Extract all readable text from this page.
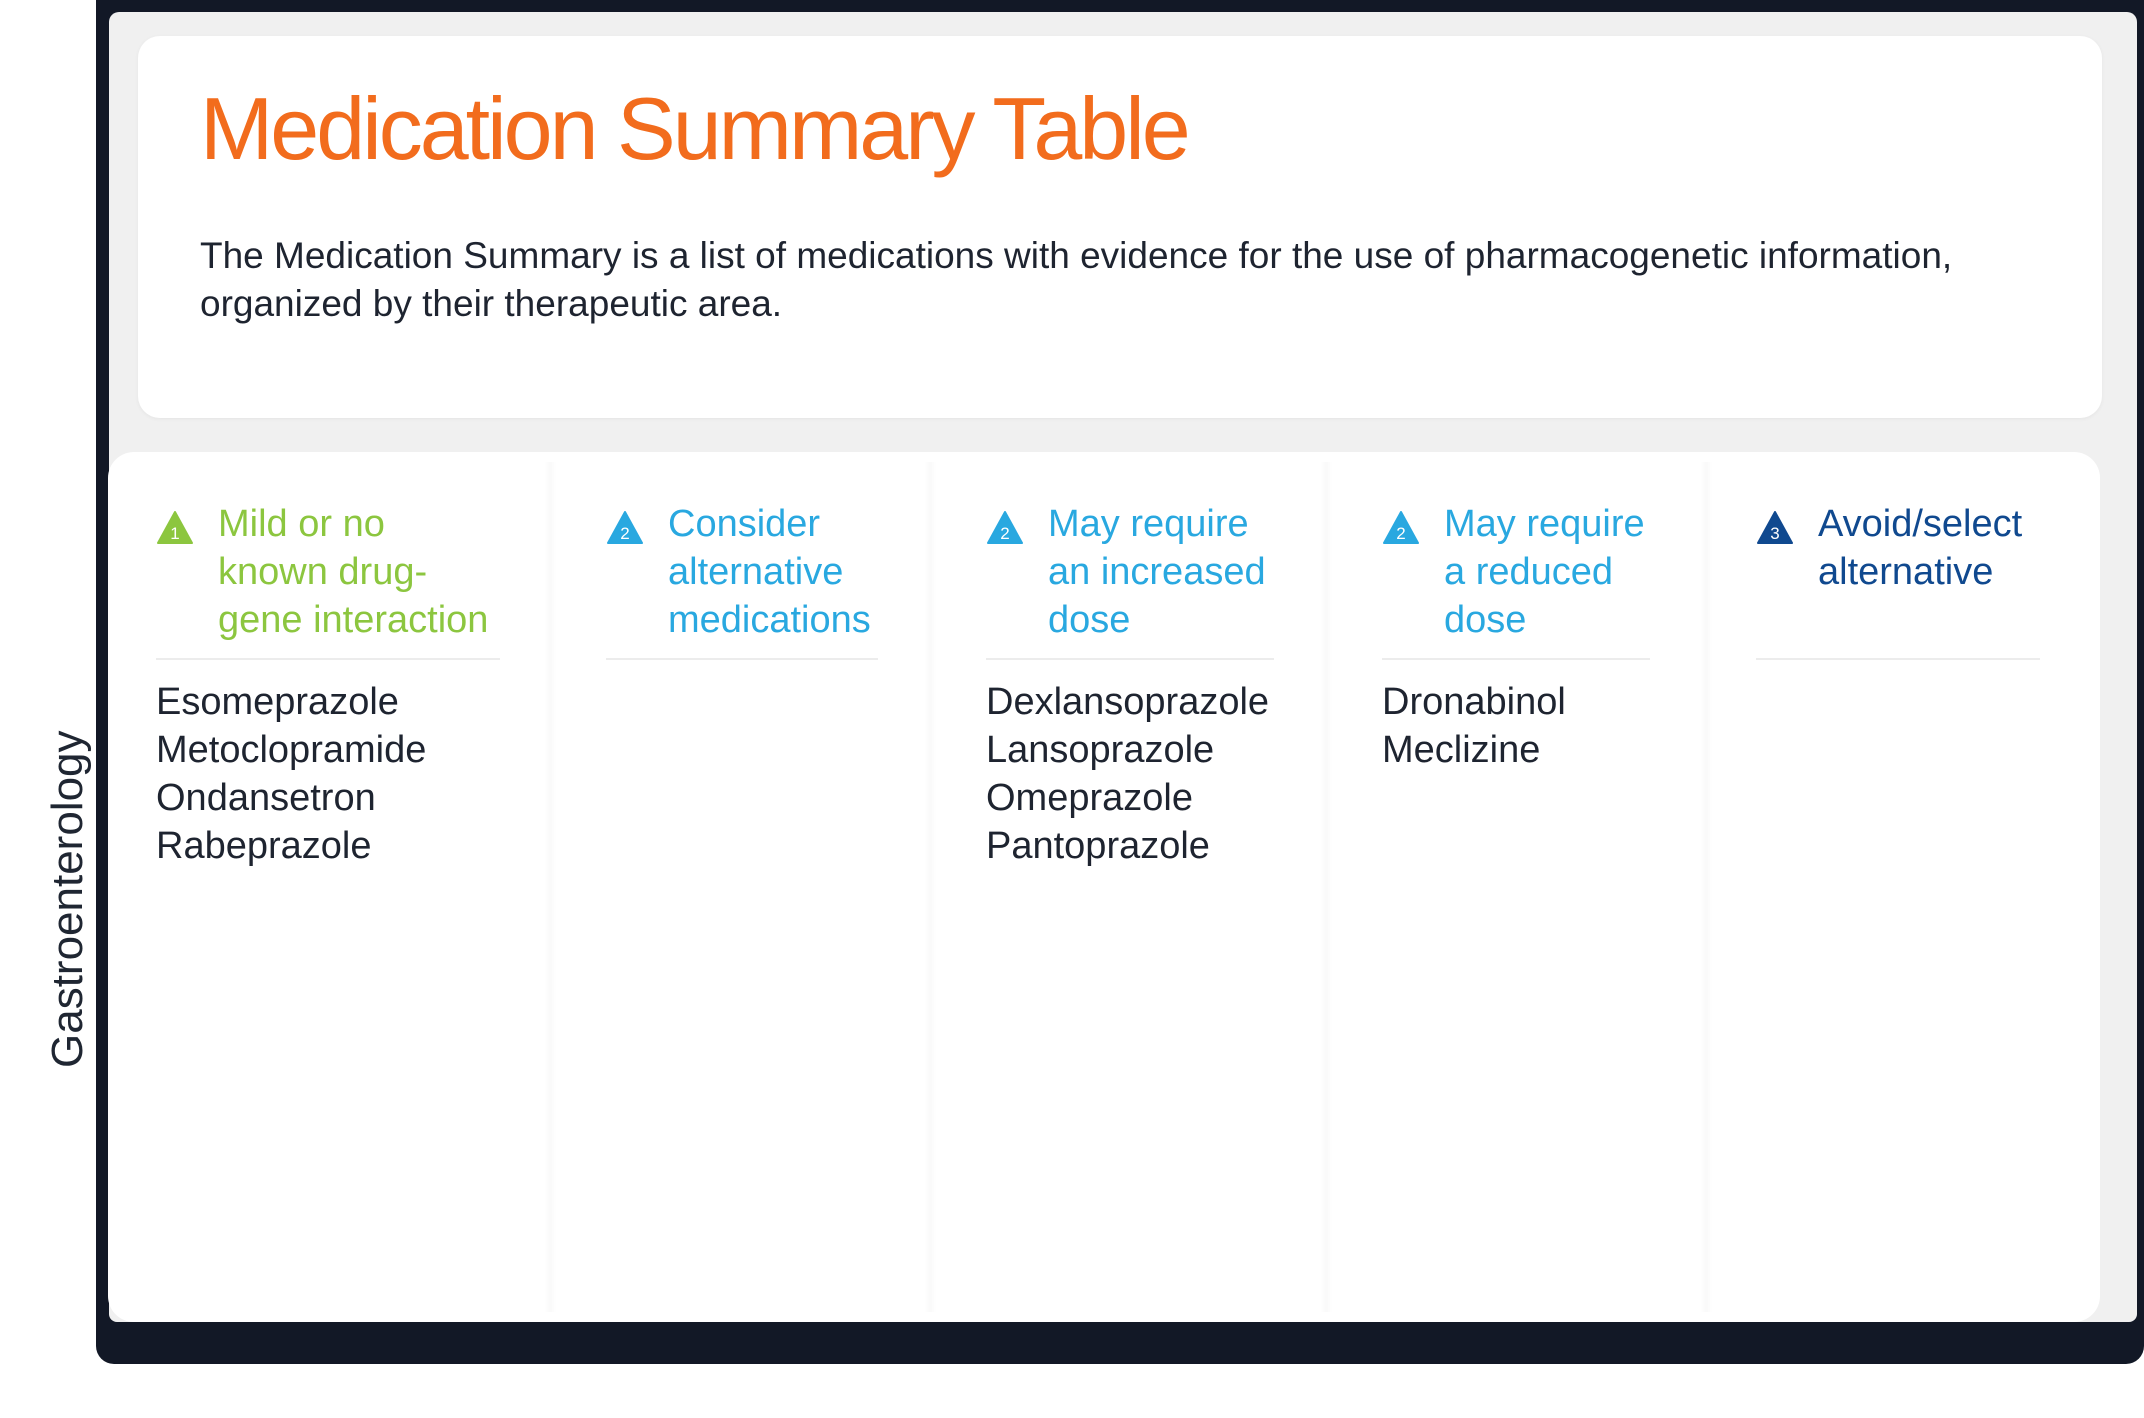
Medication Summary Table

The Medication Summary is a list of medications with evidence for the use of pharmacogenetic information, organized by their therapeutic area.

Gastroenterology
1 Mild or no
known drug-
gene interaction
Esomeprazole
Metoclopramide
Ondansetron
Rabeprazole
2 Consider
alternative
medications
2 May require
an increased
dose
Dexlansoprazole
Lansoprazole
Omeprazole
Pantoprazole
2 May require
a reduced
dose
Dronabinol
Meclizine
3 Avoid/select
alternative
